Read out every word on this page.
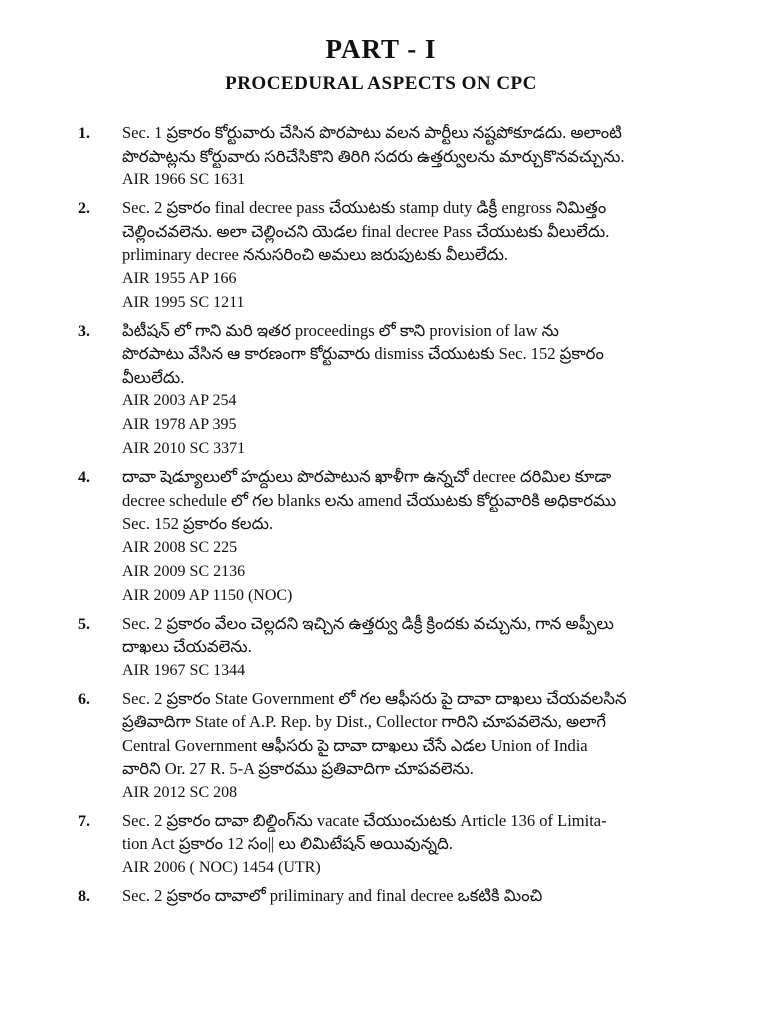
PART - I
PROCEDURAL ASPECTS ON CPC
1.	Sec. 1 ప్రకారం కోర్టువారు చేసిన పొరపాటు వలన పార్టీలు నష్టపోకూడదు. అలాంటి
పొరపాట్లను కోర్టువారు సరిచేసికొని తిరిగి సదరు ఉత్తర్వులను మార్చుకొనవచ్చును.
AIR 1966 SC 1631
2.	Sec. 2 ప్రకారం final decree pass చేయుటకు stamp duty డిక్రీ engross నిమిత్తం
చెల్లించవలెను. అలా చెల్లించని యెడల final decree Pass చేయుటకు వీలులేదు.
prliminary decree ననుసరించి అమలు జరుపుటకు వీలులేదు.
AIR 1955 AP 166
AIR 1995 SC 1211
3.	పిటీషన్ లో గాని మరి ఇతర proceedings లో కాని provision of law ను
పొరపాటు వేసిన ఆ కారణంగా కోర్టువారు dismiss చేయుటకు Sec. 152 ప్రకారం
వీలులేదు.
AIR 2003 AP 254
AIR 1978 AP 395
AIR 2010 SC 3371
4.	దావా షెడ్యూలులో హద్దులు పొరపాటున ఖాళీగా ఉన్నచో decree దరిమిల కూడా
decree schedule లో గల blanks లను amend చేయుటకు కోర్టువారికి అధికారము
Sec. 152 ప్రకారం కలదు.
AIR 2008 SC 225
AIR 2009 SC 2136
AIR 2009 AP 1150 (NOC)
5.	Sec. 2 ప్రకారం వేలం చెల్లదని ఇచ్చిన ఉత్తర్వు డిక్రీ క్రిందకు వచ్చును, గాన అప్పీలు
దాఖలు చేయవలెను.
AIR 1967 SC 1344
6.	Sec. 2 ప్రకారం State Government లో గల ఆఫీసరు పై దావా దాఖలు చేయవలసిన
ప్రతివాదిగా State of A.P. Rep. by Dist., Collector గారిని చూపవలెను, అలాగే
Central Government ఆఫీసరు పై దావా దాఖలు చేసే ఎడల Union of India
వారిని Or. 27 R. 5-A ప్రకారము ప్రతివాదిగా చూపవలెను.
AIR 2012 SC 208
7.	Sec. 2 ప్రకారం దావా బిల్డింగ్‌ను vacate చేయుంచుటకు Article 136 of Limita-
tion Act ప్రకారం 12 సం|| లు లిమిటేషన్ అయివున్నది.
AIR 2006 ( NOC) 1454 (UTR)
8.	Sec. 2 ప్రకారం దావాలో priliminary and final decree ఒకటికి మించి
